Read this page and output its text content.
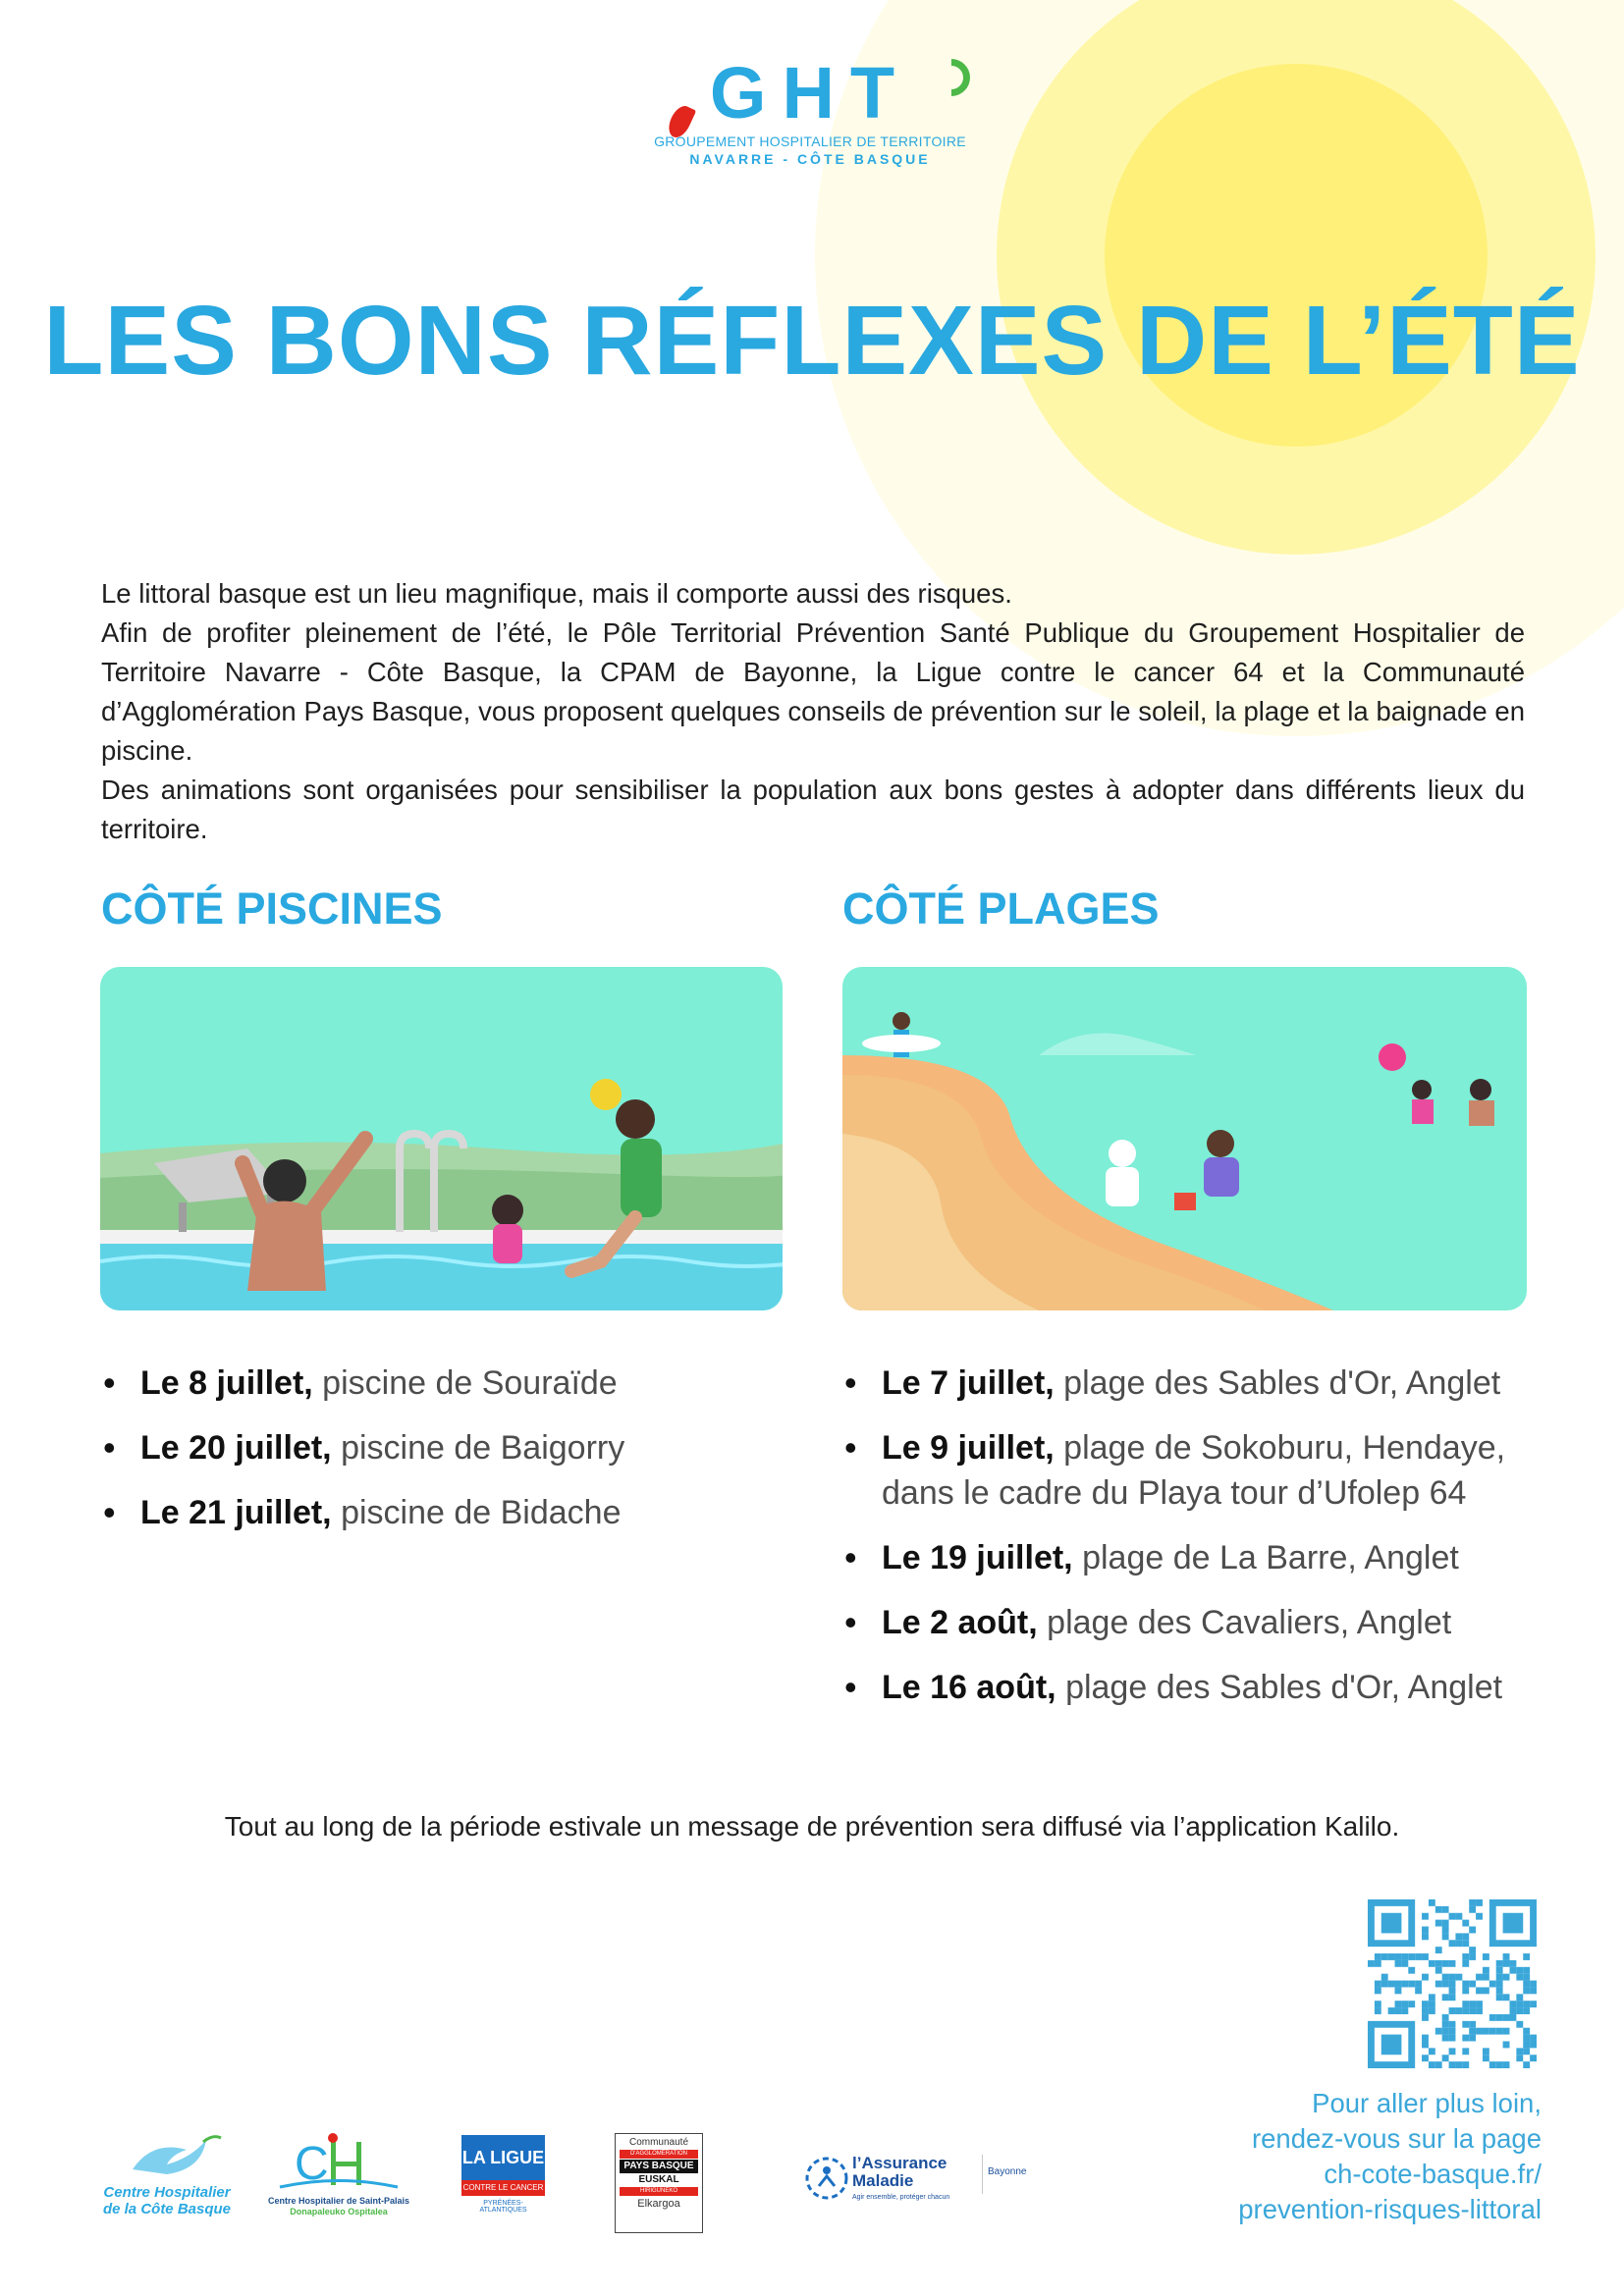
GHT
GROUPEMENT HOSPITALIER DE TERRITOIRE
NAVARRE - CÔTE BASQUE
LES BONS RÉFLEXES DE L’ÉTÉ

Le littoral basque est un lieu magnifique, mais il comporte aussi des risques.

Afin de profiter pleinement de l’été, le Pôle Territorial Prévention Santé Publique du Groupement Hospitalier de Territoire Navarre - Côte Basque, la CPAM de Bayonne, la Ligue contre le cancer 64 et la Communauté d’Agglomération Pays Basque, vous proposent quelques conseils de prévention sur le soleil, la plage et la baignade en piscine.

Des animations sont organisées pour sensibiliser la population aux bons gestes à adopter dans différents lieux du territoire.

CÔTÉ PISCINES	CÔTÉ PLAGES
• Le 8 juillet, piscine de Souraïde
• Le 20 juillet, piscine de Baigorry
• Le 21 juillet, piscine de Bidache
• Le 7 juillet, plage des Sables d'Or, Anglet
• Le 9 juillet, plage de Sokoburu, Hendaye, dans le cadre du Playa tour d’Ufolep 64
• Le 19 juillet, plage de La Barre, Anglet
• Le 2 août, plage des Cavaliers, Anglet
• Le 16 août, plage des Sables d'Or, Anglet
Tout au long de la période estivale un message de prévention sera diffusé via l’application Kalilo.
Pour aller plus loin,
rendez-vous sur la page
ch-cote-basque.fr/
prevention-risques-littoral
Centre Hospitalier
de la Côte Basque
C
Centre Hospitalier de Saint-Palais
Donapaleuko Ospitalea
LA LIGUE
CONTRE LE CANCER
PYRÉNÉES-ATLANTIQUES
Communauté
D'AGGLOMÉRATION
PAYS BASQUE
EUSKAL
HIRIGUNEKO
Elkargoa
l’Assurance
Maladie
Agir ensemble, protéger chacun
Bayonne
